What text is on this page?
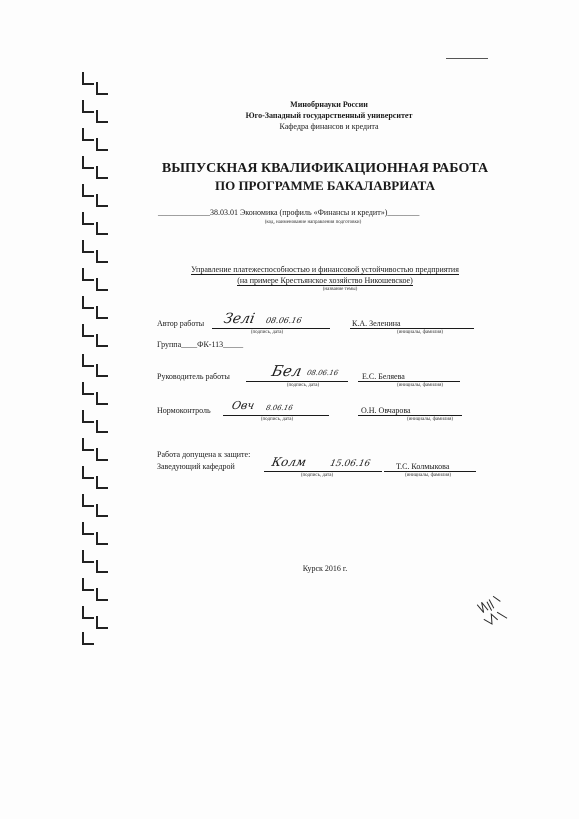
Минобрнауки России
Юго-Западный государственный университет
Кафедра финансов и кредита
ВЫПУСКНАЯ КВАЛИФИКАЦИОННАЯ РАБОТА
ПО ПРОГРАММЕ БАКАЛАВРИАТА
_____________38.03.01 Экономика (профиль «Финансы и кредит»)________
(код, наименование направления подготовки)
Управление платежеспособностью и финансовой устойчивостью предприятия
(на примере Крестьянское хозяйство Никошевское)
(название темы)
Автор работы Зелі 08.06.16
(подпись, дата)
К.А. Зеленина
(инициалы, фамилия)
Группа____ФК-113_____
Руководитель работы	Бел 08.06.16
(подпись, дата)
Е.С. Беляева
(инициалы, фамилия)
Нормоконтроль Овч 8.06.16
(подпись, дата)
О.Н. Овчарова
(инициалы, фамилия)
Работа допущена к защите:
Заведующий кафедрой	Колм 15.06.16
(подпись, дата)
Т.С. Колмыкова
(инициалы, фамилия)
Курск 2016 г.
